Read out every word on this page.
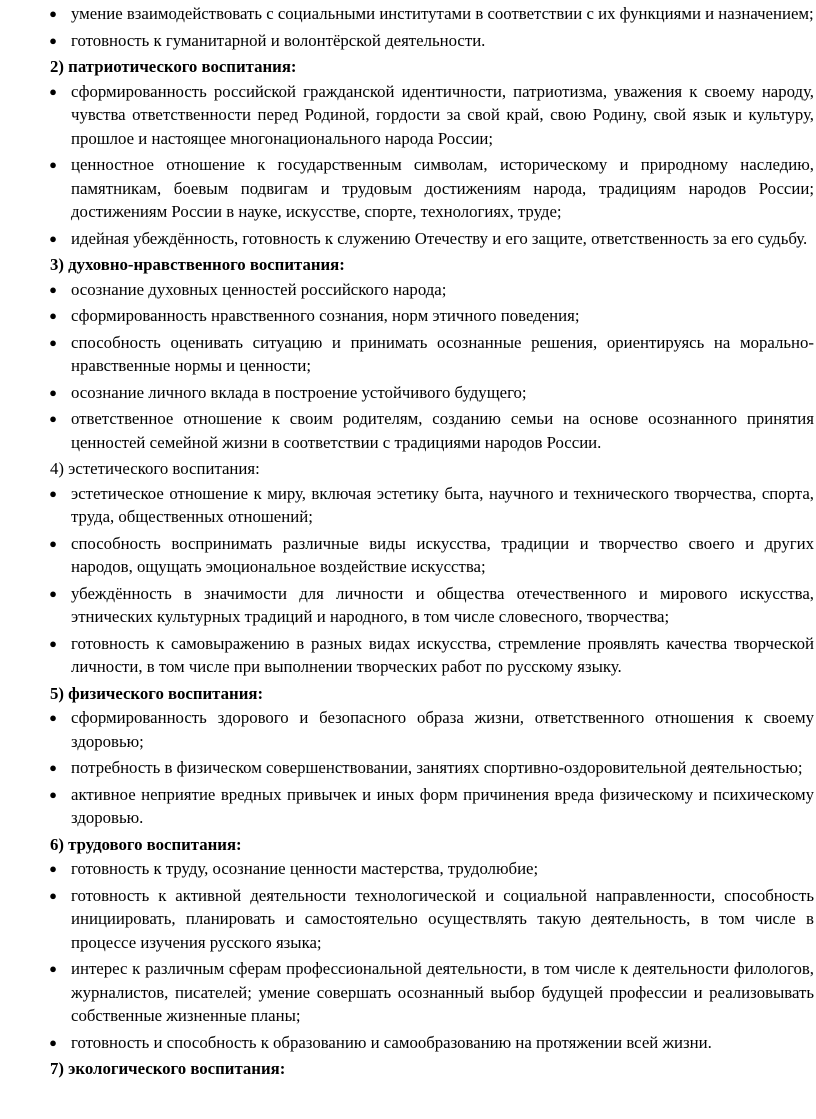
● умение взаимодействовать с социальными институтами в соответствии с их функциями и назначением;
● готовность к гуманитарной и волонтёрской деятельности.
2) патриотического воспитания:
● сформированность российской гражданской идентичности, патриотизма, уважения к своему народу, чувства ответственности перед Родиной, гордости за свой край, свою Родину, свой язык и культуру, прошлое и настоящее многонационального народа России;
● ценностное отношение к государственным символам, историческому и природному наследию, памятникам, боевым подвигам и трудовым достижениям народа, традициям народов России; достижениям России в науке, искусстве, спорте, технологиях, труде;
● идейная убеждённость, готовность к служению Отечеству и его защите, ответственность за его судьбу.
3) духовно-нравственного воспитания:
● осознание духовных ценностей российского народа;
● сформированность нравственного сознания, норм этичного поведения;
● способность оценивать ситуацию и принимать осознанные решения, ориентируясь на морально-нравственные нормы и ценности;
● осознание личного вклада в построение устойчивого будущего;
● ответственное отношение к своим родителям, созданию семьи на основе осознанного принятия ценностей семейной жизни в соответствии с традициями народов России.
4) эстетического воспитания:
● эстетическое отношение к миру, включая эстетику быта, научного и технического творчества, спорта, труда, общественных отношений;
● способность воспринимать различные виды искусства, традиции и творчество своего и других народов, ощущать эмоциональное воздействие искусства;
● убеждённость в значимости для личности и общества отечественного и мирового искусства, этнических культурных традиций и народного, в том числе словесного, творчества;
● готовность к самовыражению в разных видах искусства, стремление проявлять качества творческой личности, в том числе при выполнении творческих работ по русскому языку.
5) физического воспитания:
● сформированность здорового и безопасного образа жизни, ответственного отношения к своему здоровью;
● потребность в физическом совершенствовании, занятиях спортивно-оздоровительной деятельностью;
● активное неприятие вредных привычек и иных форм причинения вреда физическому и психическому здоровью.
6) трудового воспитания:
● готовность к труду, осознание ценности мастерства, трудолюбие;
● готовность к активной деятельности технологической и социальной направленности, способность инициировать, планировать и самостоятельно осуществлять такую деятельность, в том числе в процессе изучения русского языка;
● интерес к различным сферам профессиональной деятельности, в том числе к деятельности филологов, журналистов, писателей; умение совершать осознанный выбор будущей профессии и реализовывать собственные жизненные планы;
● готовность и способность к образованию и самообразованию на протяжении всей жизни.
7) экологического воспитания:
